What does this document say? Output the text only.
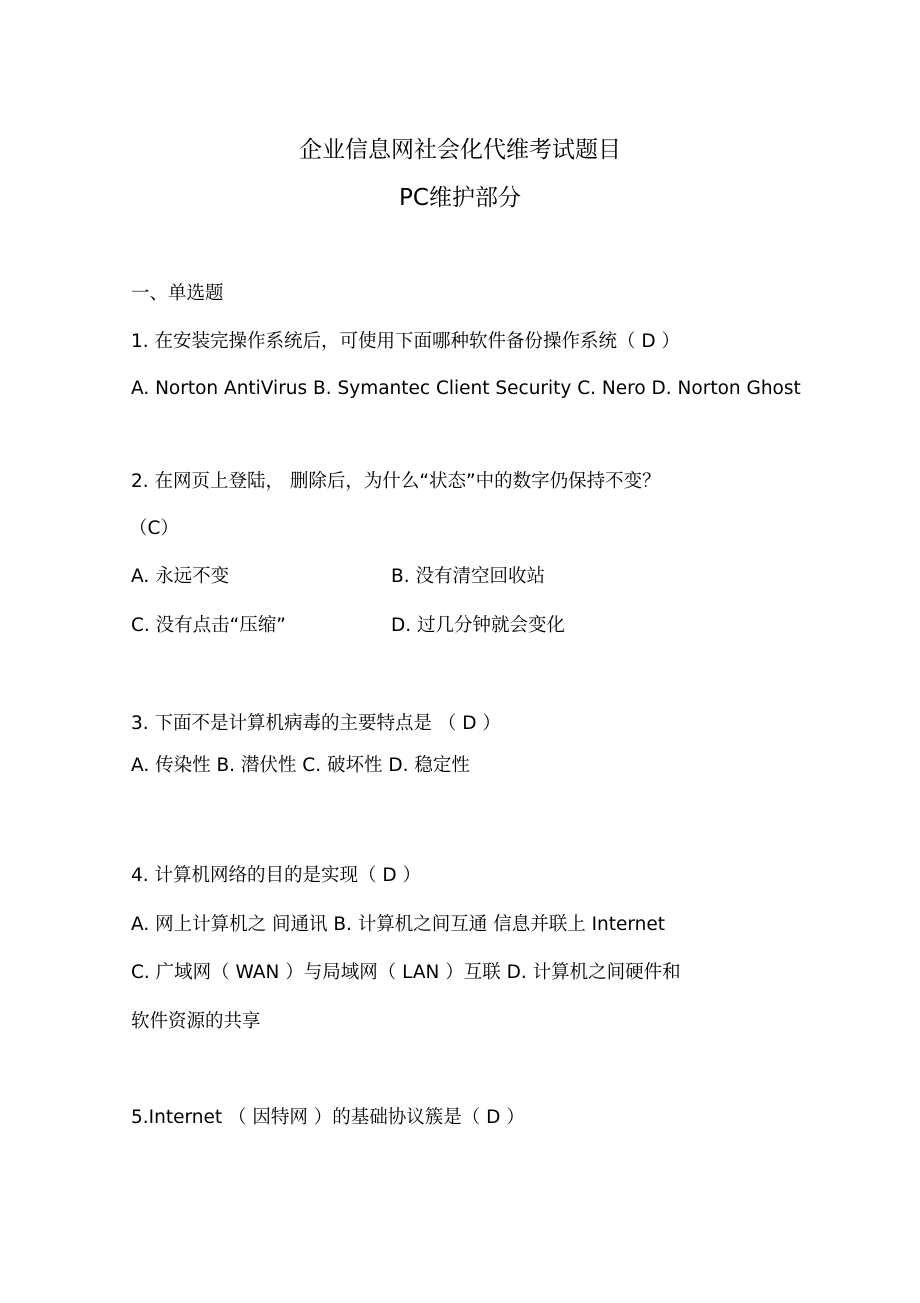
企业信息网社会化代维考试题目
PC维护部分
一、单选题
1. 在安装完操作系统后，可使用下面哪种软件备份操作系统（ D ）
A. Norton AntiVirus B. Symantec Client Security C. Nero D. Norton Ghost
2. 在网页上登陆， 删除后，为什么“状态”中的数字仍保持不变？
（C）
A. 永远不变	B. 没有清空回收站
C. 没有点击“压缩”	D. 过几分钟就会变化
3. 下面不是计算机病毒的主要特点是 （ D ）
A. 传染性 B. 潜伏性 C. 破坏性 D. 稳定性
4. 计算机网络的目的是实现（ D ）
A. 网上计算机之 间通讯 B. 计算机之间互通 信息并联上 Internet
C. 广域网（ WAN ）与局域网（ LAN ）互联 D. 计算机之间硬件和
软件资源的共享
5.Internet （ 因特网 ）的基础协议簇是（ D ）
